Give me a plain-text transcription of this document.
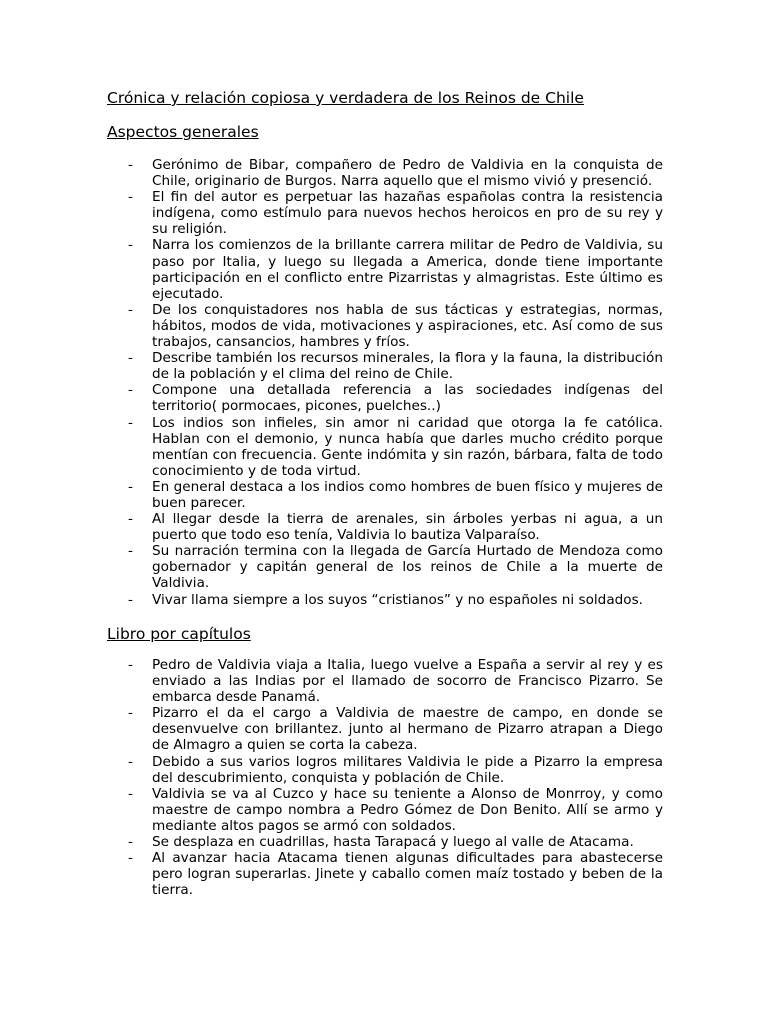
Crónica y relación copiosa y verdadera de los Reinos de Chile
Aspectos generales
- Gerónimo de Bibar, compañero de Pedro de Valdivia en la conquista de Chile, originario de Burgos. Narra aquello que el mismo vivió y presenció.
- El fin del autor es perpetuar las hazañas españolas contra la resistencia indígena, como estímulo para nuevos hechos heroicos en pro de su rey y su religión.
- Narra los comienzos de la brillante carrera militar de Pedro de Valdivia, su paso por Italia, y luego su llegada a America, donde tiene importante participación en el conflicto entre Pizarristas y almagristas. Este último es ejecutado.
- De los conquistadores nos habla de sus tácticas y estrategias, normas, hábitos, modos de vida, motivaciones y aspiraciones, etc. Así como de sus trabajos, cansancios, hambres y fríos.
- Describe también los recursos minerales, la flora y la fauna, la distribución de la población y el clima del reino de Chile.
- Compone una detallada referencia a las sociedades indígenas del territorio( pormocaes, picones, puelches..)
- Los indios son infieles, sin amor ni caridad que otorga la fe católica. Hablan con el demonio, y nunca había que darles mucho crédito porque mentían con frecuencia. Gente indómita y sin razón, bárbara, falta de todo conocimiento y de toda virtud.
- En general destaca a los indios como hombres de buen físico y mujeres de buen parecer.
- Al llegar desde la tierra de arenales, sin árboles yerbas ni agua, a un puerto que todo eso tenía, Valdivia lo bautiza Valparaíso.
- Su narración termina con la llegada de García Hurtado de Mendoza como gobernador y capitán general de los reinos de Chile a la muerte de Valdivia.
- Vivar llama siempre a los suyos “cristianos” y no españoles ni soldados.
Libro por capítulos
- Pedro de Valdivia viaja a Italia, luego vuelve a España a servir al rey y es enviado a las Indias por el llamado de socorro de Francisco Pizarro. Se embarca desde Panamá.
- Pizarro el da el cargo a Valdivia de maestre de campo, en donde se desenvuelve con brillantez. junto al hermano de Pizarro atrapan a Diego de Almagro a quien se corta la cabeza.
- Debido a sus varios logros militares Valdivia le pide a Pizarro la empresa del descubrimiento, conquista y población de Chile.
- Valdivia se va al Cuzco y hace su teniente a Alonso de Monrroy, y como maestre de campo nombra a Pedro Gómez de Don Benito. Allí se armo y mediante altos pagos se armó con soldados.
- Se desplaza en cuadrillas, hasta Tarapacá y luego al valle de Atacama.
- Al avanzar hacia Atacama tienen algunas dificultades para abastecerse pero logran superarlas. Jinete y caballo comen maíz tostado y beben de la tierra.
